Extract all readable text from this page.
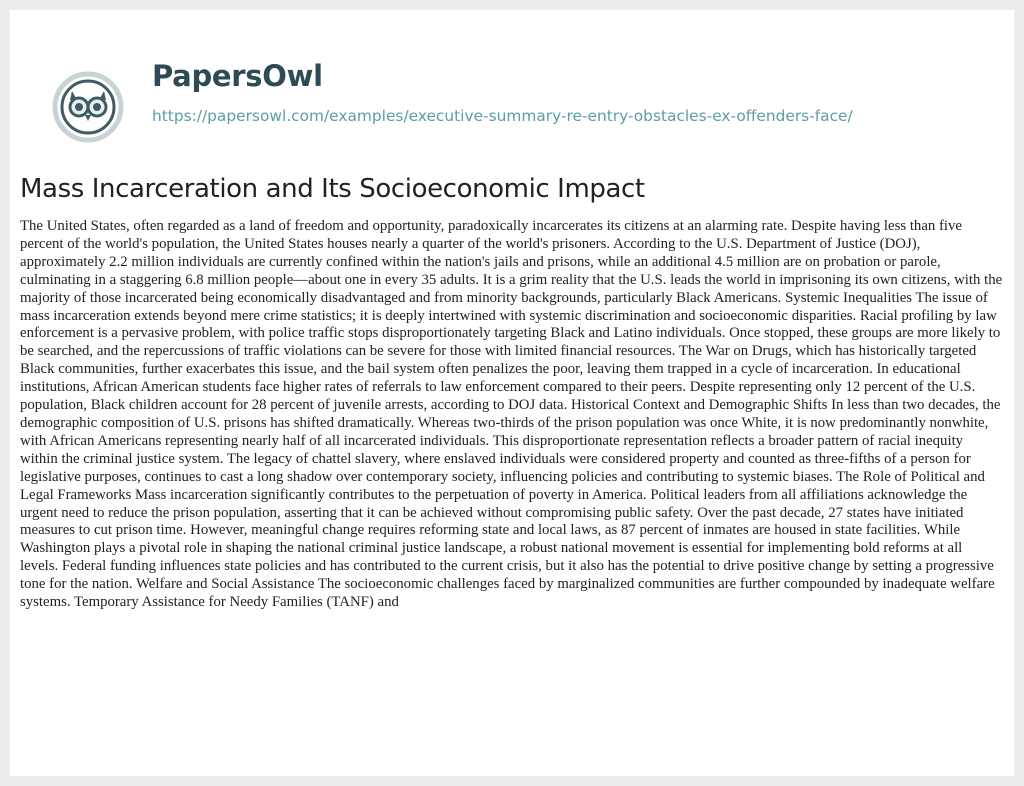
PapersOwl
https://papersowl.com/examples/executive-summary-re-entry-obstacles-ex-offenders-face/
Mass Incarceration and Its Socioeconomic Impact

The United States, often regarded as a land of freedom and opportunity, paradoxically incarcerates its citizens at an alarming rate. Despite having less than five percent of the world's population, the United States houses nearly a quarter of the world's prisoners. According to the U.S. Department of Justice (DOJ), approximately 2.2 million individuals are currently confined within the nation's jails and prisons, while an additional 4.5 million are on probation or parole, culminating in a staggering 6.8 million people—about one in every 35 adults. It is a grim reality that the U.S. leads the world in imprisoning its own citizens, with the majority of those incarcerated being economically disadvantaged and from minority backgrounds, particularly Black Americans. Systemic Inequalities The issue of mass incarceration extends beyond mere crime statistics; it is deeply intertwined with systemic discrimination and socioeconomic disparities. Racial profiling by law enforcement is a pervasive problem, with police traffic stops disproportionately targeting Black and Latino individuals. Once stopped, these groups are more likely to be searched, and the repercussions of traffic violations can be severe for those with limited financial resources. The War on Drugs, which has historically targeted Black communities, further exacerbates this issue, and the bail system often penalizes the poor, leaving them trapped in a cycle of incarceration. In educational institutions, African American students face higher rates of referrals to law enforcement compared to their peers. Despite representing only 12 percent of the U.S. population, Black children account for 28 percent of juvenile arrests, according to DOJ data. Historical Context and Demographic Shifts In less than two decades, the demographic composition of U.S. prisons has shifted dramatically. Whereas two-thirds of the prison population was once White, it is now predominantly nonwhite, with African Americans representing nearly half of all incarcerated individuals. This disproportionate representation reflects a broader pattern of racial inequity within the criminal justice system. The legacy of chattel slavery, where enslaved individuals were considered property and counted as three-fifths of a person for legislative purposes, continues to cast a long shadow over contemporary society, influencing policies and contributing to systemic biases. The Role of Political and Legal Frameworks Mass incarceration significantly contributes to the perpetuation of poverty in America. Political leaders from all affiliations acknowledge the urgent need to reduce the prison population, asserting that it can be achieved without compromising public safety. Over the past decade, 27 states have initiated measures to cut prison time. However, meaningful change requires reforming state and local laws, as 87 percent of inmates are housed in state facilities. While Washington plays a pivotal role in shaping the national criminal justice landscape, a robust national movement is essential for implementing bold reforms at all levels. Federal funding influences state policies and has contributed to the current crisis, but it also has the potential to drive positive change by setting a progressive tone for the nation. Welfare and Social Assistance The socioeconomic challenges faced by marginalized communities are further compounded by inadequate welfare systems. Temporary Assistance for Needy Families (TANF) and
